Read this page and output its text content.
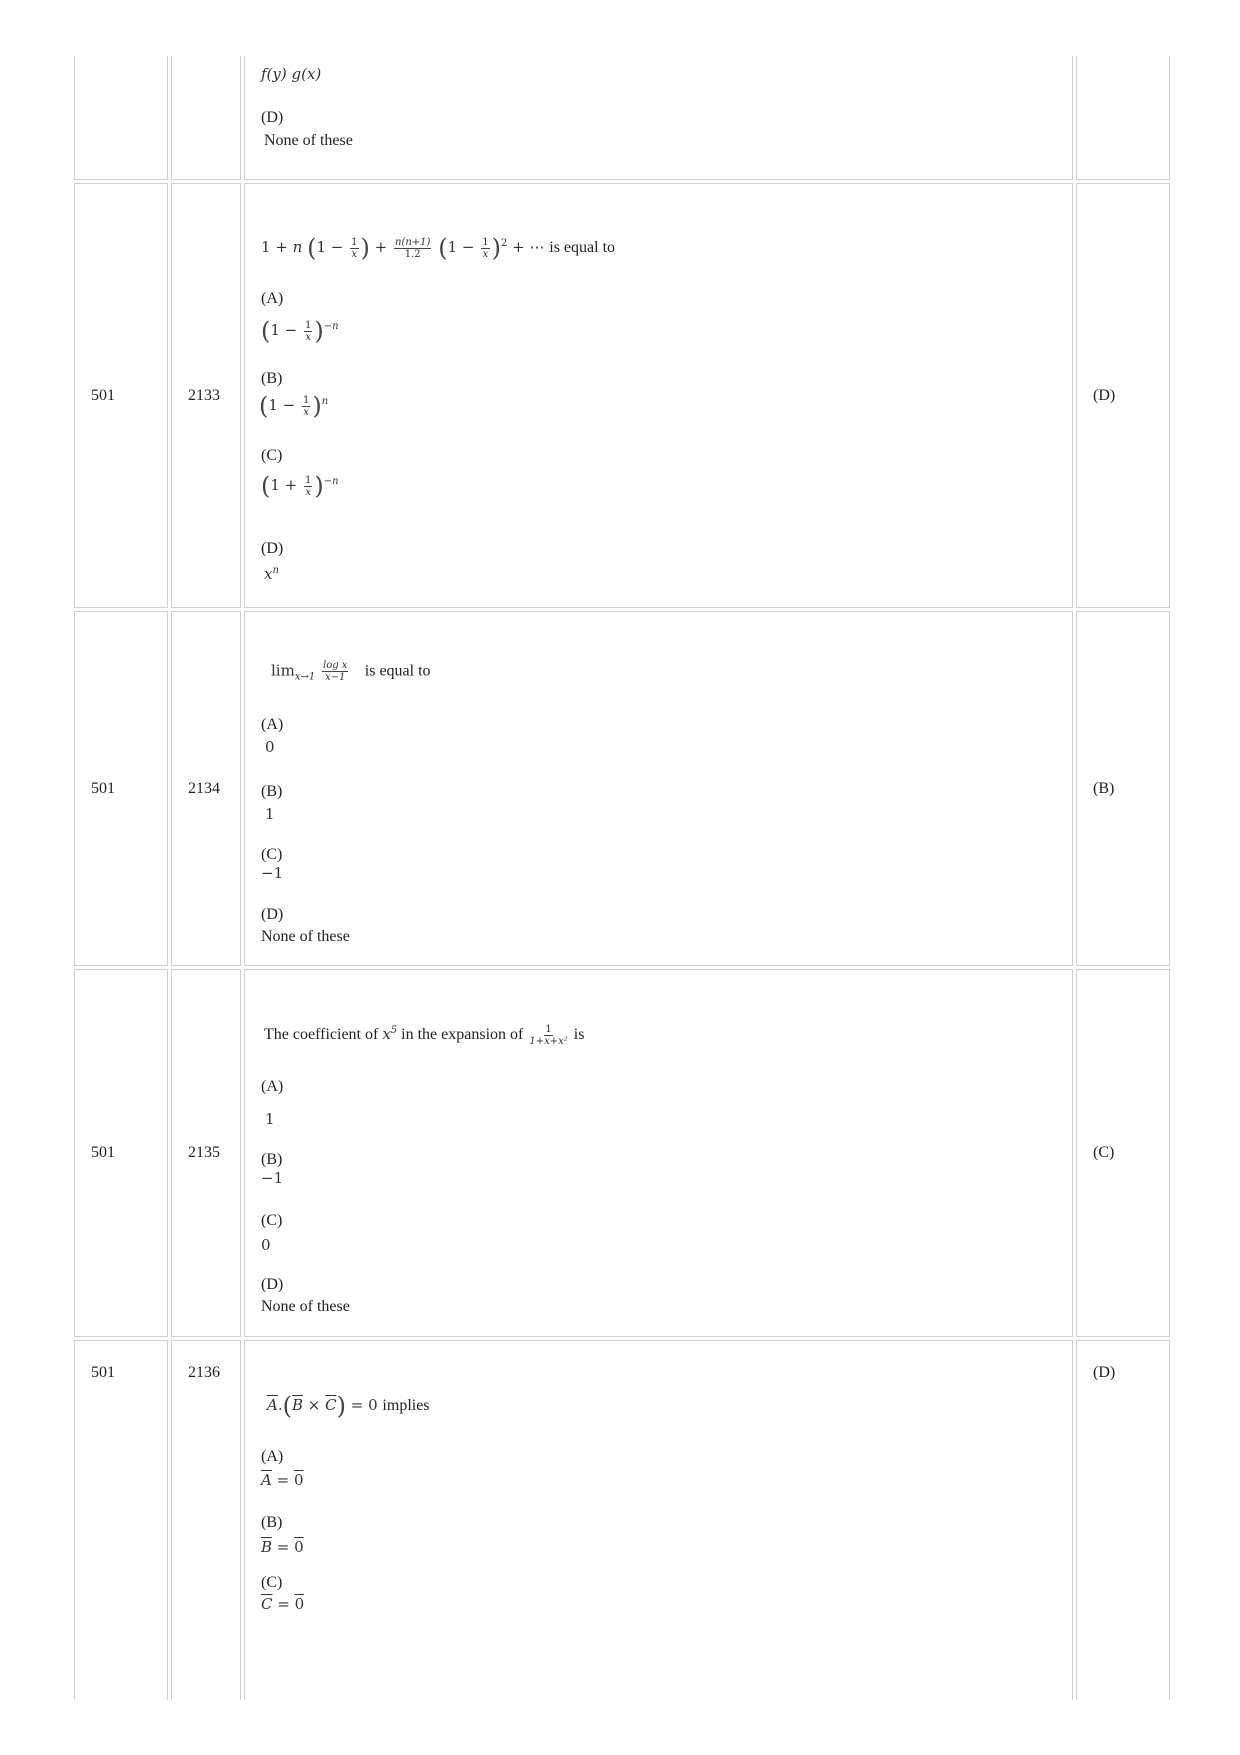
f(y) g(x)
(D)
None of these
501	2133
1 + n ($1 - \frac{1}{x}$ ) + $\frac{n(n+1)}{1.2} (1 - \frac{1}{x} )^2$ + ⋯ is equal to
(A)
$(1 - \frac{1}{x} )^{-n}$
(B)
$(1 - \frac{1}{x} )^n$
(C)
$(1 + \frac{1}{x} )^{-n}$
(D)
$x^n$
(D)
501	2134
$\lim_{x\to 1} \frac{\text{log x}}{x-1}$ is equal to
(A)
0
(B)
1
(C)
−1
(D)
None of these
(B)
501	2135
The coefficient of $x^5$ in the expansion of $\frac{1}{\text{1+x+x²}}$ is
(A)
1
(B)
−1
(C)
0
(D)
None of these
(C)
501	2136
$\overline{A}.(\overline{B} \times \overline{C}) = 0$ implies
(A)
$\overline{A} = 0$
(B)
$\overline{B} = 0$
(C)
$\overline{C} = 0$
(D)
